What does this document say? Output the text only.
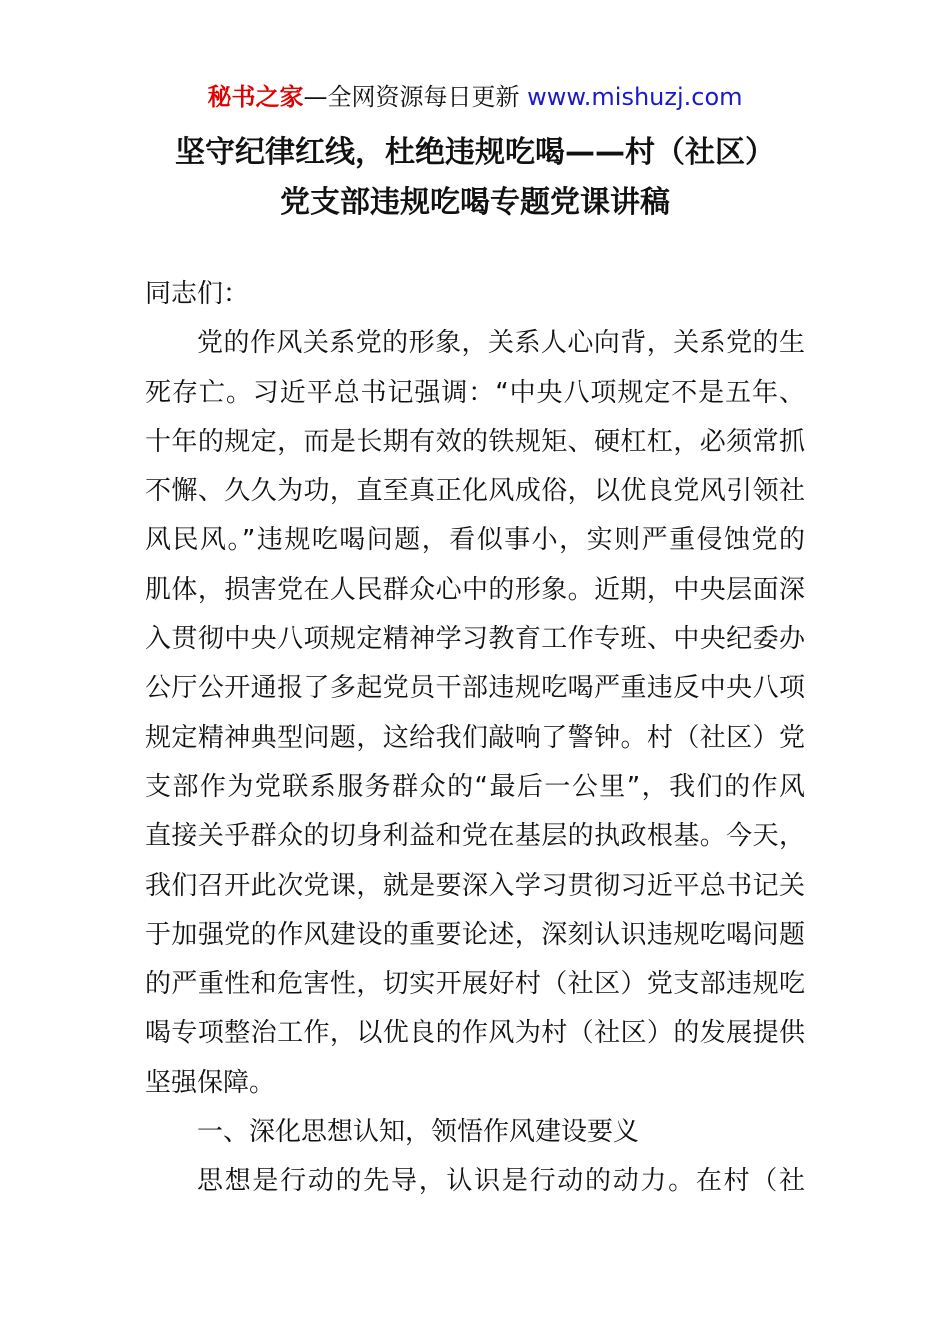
秘书之家—全网资源每日更新 www.mishuzj.com
坚守纪律红线，杜绝违规吃喝——村（社区）
党支部违规吃喝专题党课讲稿
同志们：
党的作风关系党的形象，关系人心向背，关系党的生
死存亡。习近平总书记强调：“中央八项规定不是五年、
十年的规定，而是长期有效的铁规矩、硬杠杠，必须常抓
不懈、久久为功，直至真正化风成俗，以优良党风引领社
风民风。”违规吃喝问题，看似事小，实则严重侵蚀党的
肌体，损害党在人民群众心中的形象。近期，中央层面深
入贯彻中央八项规定精神学习教育工作专班、中央纪委办
公厅公开通报了多起党员干部违规吃喝严重违反中央八项
规定精神典型问题，这给我们敲响了警钟。村（社区）党
支部作为党联系服务群众的“最后一公里”，我们的作风
直接关乎群众的切身利益和党在基层的执政根基。今天，
我们召开此次党课，就是要深入学习贯彻习近平总书记关
于加强党的作风建设的重要论述，深刻认识违规吃喝问题
的严重性和危害性，切实开展好村（社区）党支部违规吃
喝专项整治工作，以优良的作风为村（社区）的发展提供
坚强保障。
一、深化思想认知，领悟作风建设要义
思想是行动的先导，认识是行动的动力。在村（社
